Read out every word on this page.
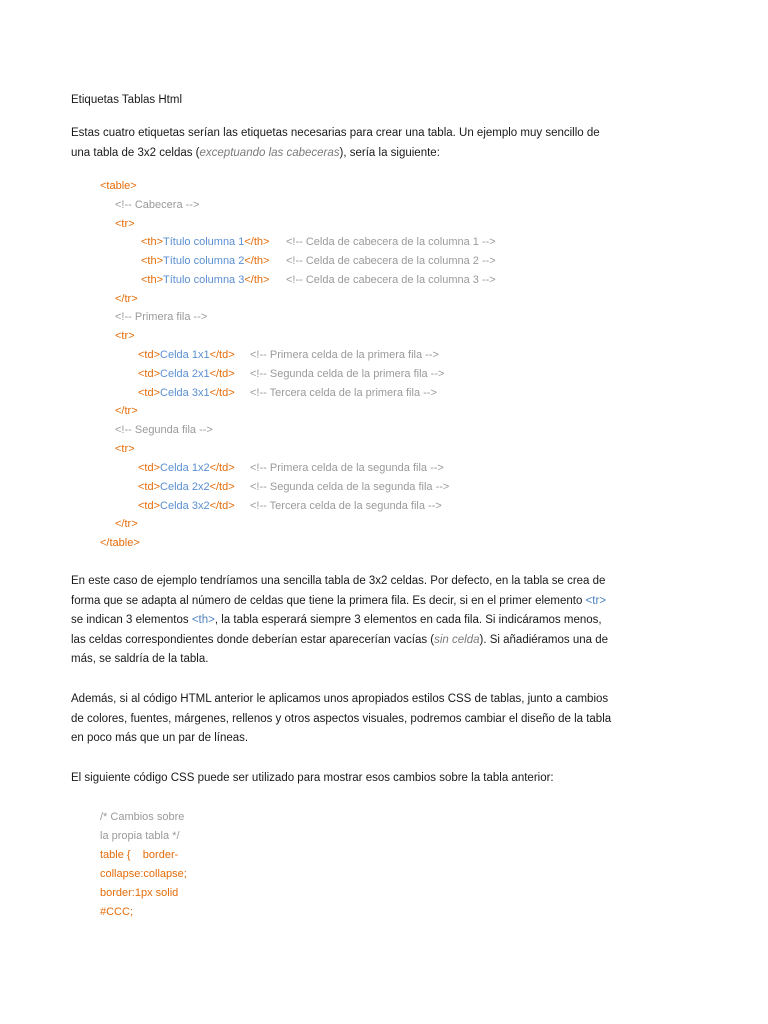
Etiquetas Tablas Html
Estas cuatro etiquetas serían las etiquetas necesarias para crear una tabla. Un ejemplo muy sencillo de
una tabla de 3x2 celdas (exceptuando las cabeceras), sería la siguiente:
<table>
<!-- Cabecera -->
<tr>
<th>Título columna 1</th> <!-- Celda de cabecera de la columna 1 -->
<th>Título columna 2</th> <!-- Celda de cabecera de la columna 2 -->
<th>Título columna 3</th> <!-- Celda de cabecera de la columna 3 -->
</tr>
<!-- Primera fila -->
<tr>
<td>Celda 1x1</td> <!-- Primera celda de la primera fila -->
<td>Celda 2x1</td> <!-- Segunda celda de la primera fila -->
<td>Celda 3x1</td> <!-- Tercera celda de la primera fila -->
</tr>
<!-- Segunda fila -->
<tr>
<td>Celda 1x2</td> <!-- Primera celda de la segunda fila -->
<td>Celda 2x2</td> <!-- Segunda celda de la segunda fila -->
<td>Celda 3x2</td> <!-- Tercera celda de la segunda fila -->
</tr>
</table>
En este caso de ejemplo tendríamos una sencilla tabla de 3x2 celdas. Por defecto, en la tabla se crea de
forma que se adapta al número de celdas que tiene la primera fila. Es decir, si en el primer elemento <tr>
se indican 3 elementos <th>, la tabla esperará siempre 3 elementos en cada fila. Si indicáramos menos,
las celdas correspondientes donde deberían estar aparecerían vacías (sin celda). Si añadiéramos una de
más, se saldría de la tabla.
Además, si al código HTML anterior le aplicamos unos apropiados estilos CSS de tablas, junto a cambios
de colores, fuentes, márgenes, rellenos y otros aspectos visuales, podremos cambiar el diseño de la tabla
en poco más que un par de líneas.
El siguiente código CSS puede ser utilizado para mostrar esos cambios sobre la tabla anterior:
/* Cambios sobre
la propia tabla */
table {    border-
collapse:collapse;
border:1px solid
#CCC;
